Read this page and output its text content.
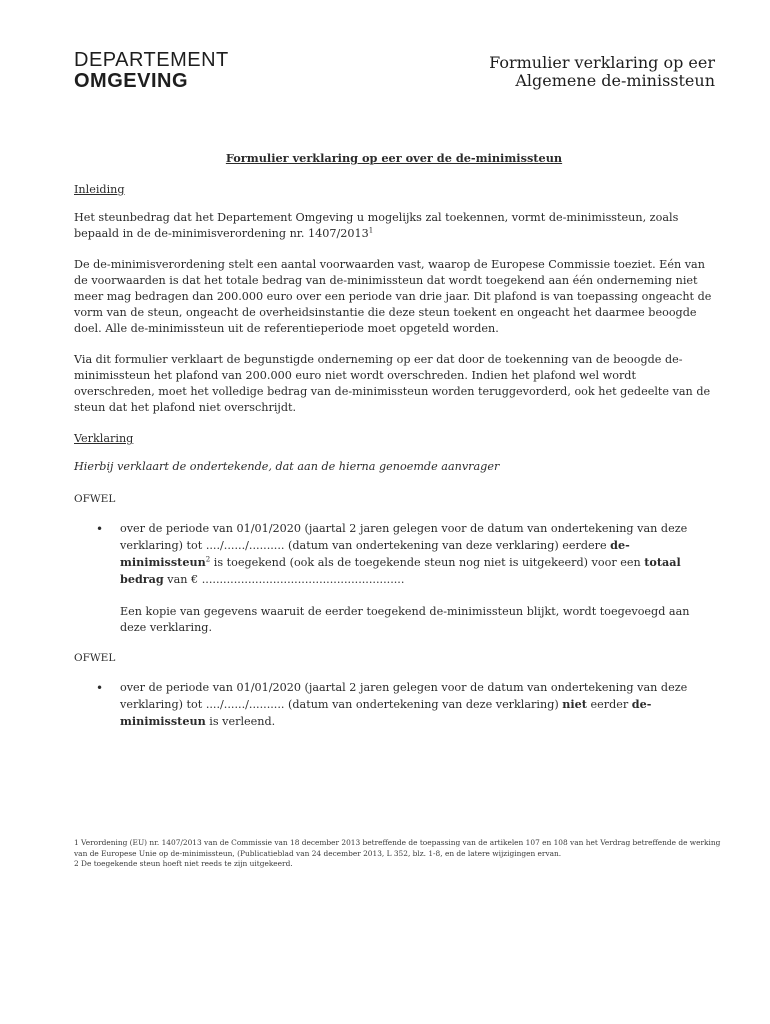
DEPARTEMENT
OMGEVING
Formulier verklaring op eer
Algemene de-minissteun

Formulier verklaring op eer over de de-minimissteun

Inleiding

Het steunbedrag dat het Departement Omgeving u mogelijks zal toekennen, vormt de-minimissteun, zoals bepaald in de de-minimisverordening nr. 1407/2013$^1$

De de-minimisverordening stelt een aantal voorwaarden vast, waarop de Europese Commissie toeziet. Eén van de voorwaarden is dat het totale bedrag van de-minimissteun dat wordt toegekend aan één onderneming niet meer mag bedragen dan 200.000 euro over een periode van drie jaar. Dit plafond is van toepassing ongeacht de vorm van de steun, ongeacht de overheidsinstantie die deze steun toekent en ongeacht het daarmee beoogde doel. Alle de-minimissteun uit de referentieperiode moet opgeteld worden.

Via dit formulier verklaart de begunstigde onderneming op eer dat door de toekenning van de beoogde de-minimissteun het plafond van 200.000 euro niet wordt overschreden. Indien het plafond wel wordt overschreden, moet het volledige bedrag van de-minimissteun worden teruggevorderd, ook het gedeelte van de steun dat het plafond niet overschrijdt.

Verklaring

Hierbij verklaart de ondertekende, dat aan de hierna genoemde aanvrager

OFWEL

• over de periode van 01/01/2020 (jaartal 2 jaren gelegen voor de datum van ondertekening van deze verklaring) tot ..../....../.......... (datum van ondertekening van deze verklaring) eerdere de-minimissteun$^2$ is toegekend (ook als de toegekende steun nog niet is uitgekeerd) voor een totaal bedrag van € .........................................................

Een kopie van gegevens waaruit de eerder toegekend de-minimissteun blijkt, wordt toegevoegd aan deze verklaring.

OFWEL

• over de periode van 01/01/2020 (jaartal 2 jaren gelegen voor de datum van ondertekening van deze verklaring) tot ..../....../.......... (datum van ondertekening van deze verklaring) niet eerder de-minimissteun is verleend.

1 Verordening (EU) nr. 1407/2013 van de Commissie van 18 december 2013 betreffende de toepassing van de artikelen 107 en 108 van het Verdrag betreffende de werking van de Europese Unie op de-minimissteun, (Publicatieblad van 24 december 2013, L 352, blz. 1-8, en de latere wijzigingen ervan.

2 De toegekende steun hoeft niet reeds te zijn uitgekeerd.
